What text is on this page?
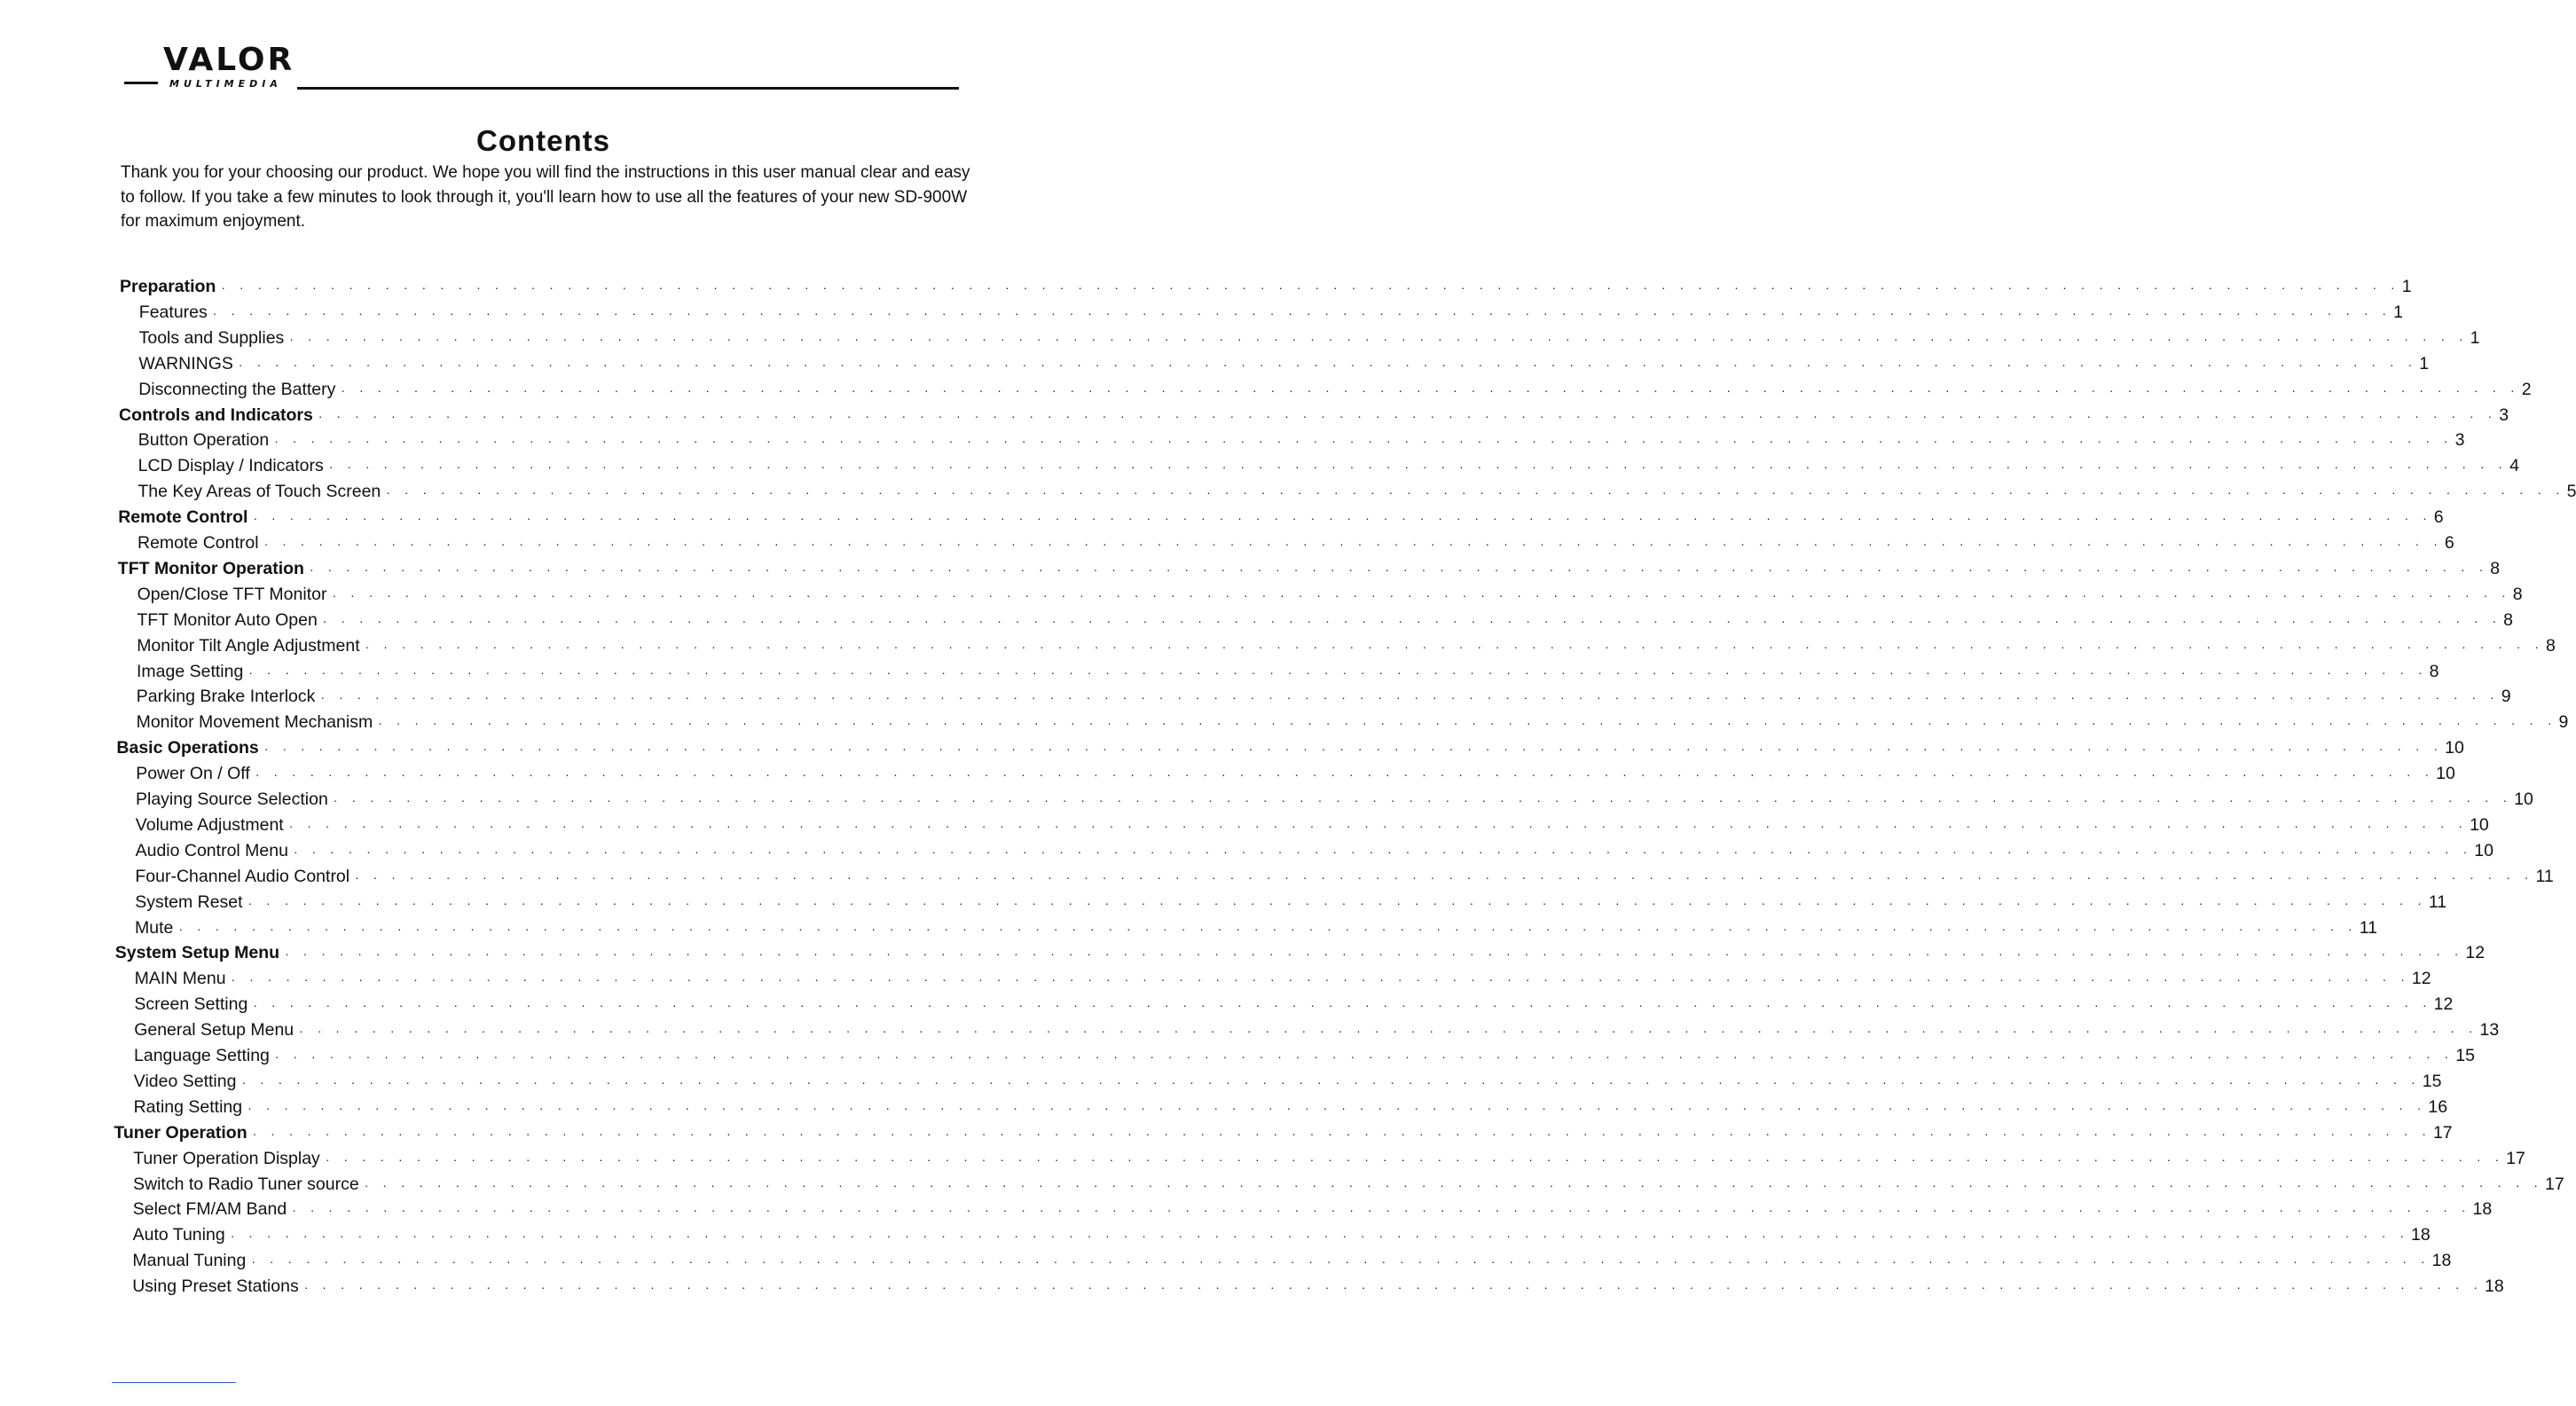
VALOR
MULTIMEDIA
Contents

Thank you for your choosing our product. We hope you will find the instructions in this user manual clear and easy to follow. If you take a few minutes to look through it, you'll learn how to use all the features of your new SD-900W for maximum enjoyment.

Preparation · · · · · · · · · · · · · · · · · · · · · · · · · · · · · · · · · · · · · · · · · · · · · · · · · · · · · · · · · · · · · · · · · · · · · · · · · · · · · · · · · · · · · · · · · · · · · · · · · · · · · · · · · · · · · · · · · · · · · · · · 1
Features · · · · · · · · · · · · · · · · · · · · · · · · · · · · · · · · · · · · · · · · · · · · · · · · · · · · · · · · · · · · · · · · · · · · · · · · · · · · · · · · · · · · · · · · · · · · · · · · · · · · · · · · · · · · · · · · · · · · · · · · 1
Tools and Supplies · · · · · · · · · · · · · · · · · · · · · · · · · · · · · · · · · · · · · · · · · · · · · · · · · · · · · · · · · · · · · · · · · · · · · · · · · · · · · · · · · · · · · · · · · · · · · · · · · · · · · · · · · · · · · · · · · · · · · · · · 1
WARNINGS · · · · · · · · · · · · · · · · · · · · · · · · · · · · · · · · · · · · · · · · · · · · · · · · · · · · · · · · · · · · · · · · · · · · · · · · · · · · · · · · · · · · · · · · · · · · · · · · · · · · · · · · · · · · · · · · · · · · · · · · 1
Disconnecting the Battery · · · · · · · · · · · · · · · · · · · · · · · · · · · · · · · · · · · · · · · · · · · · · · · · · · · · · · · · · · · · · · · · · · · · · · · · · · · · · · · · · · · · · · · · · · · · · · · · · · · · · · · · · · · · · · · · · · · · · · · · 2
Controls and Indicators · · · · · · · · · · · · · · · · · · · · · · · · · · · · · · · · · · · · · · · · · · · · · · · · · · · · · · · · · · · · · · · · · · · · · · · · · · · · · · · · · · · · · · · · · · · · · · · · · · · · · · · · · · · · · · · · · · · · · · · · 3
Button Operation · · · · · · · · · · · · · · · · · · · · · · · · · · · · · · · · · · · · · · · · · · · · · · · · · · · · · · · · · · · · · · · · · · · · · · · · · · · · · · · · · · · · · · · · · · · · · · · · · · · · · · · · · · · · · · · · · · · · · · · · 3
LCD Display / Indicators · · · · · · · · · · · · · · · · · · · · · · · · · · · · · · · · · · · · · · · · · · · · · · · · · · · · · · · · · · · · · · · · · · · · · · · · · · · · · · · · · · · · · · · · · · · · · · · · · · · · · · · · · · · · · · · · · · · · · · · · 4
The Key Areas of Touch Screen · · · · · · · · · · · · · · · · · · · · · · · · · · · · · · · · · · · · · · · · · · · · · · · · · · · · · · · · · · · · · · · · · · · · · · · · · · · · · · · · · · · · · · · · · · · · · · · · · · · · · · · · · · · · · · · · · · · · · · · · 5
Remote Control · · · · · · · · · · · · · · · · · · · · · · · · · · · · · · · · · · · · · · · · · · · · · · · · · · · · · · · · · · · · · · · · · · · · · · · · · · · · · · · · · · · · · · · · · · · · · · · · · · · · · · · · · · · · · · · · · · · · · · · · 6
Remote Control · · · · · · · · · · · · · · · · · · · · · · · · · · · · · · · · · · · · · · · · · · · · · · · · · · · · · · · · · · · · · · · · · · · · · · · · · · · · · · · · · · · · · · · · · · · · · · · · · · · · · · · · · · · · · · · · · · · · · · · · 6
TFT Monitor Operation · · · · · · · · · · · · · · · · · · · · · · · · · · · · · · · · · · · · · · · · · · · · · · · · · · · · · · · · · · · · · · · · · · · · · · · · · · · · · · · · · · · · · · · · · · · · · · · · · · · · · · · · · · · · · · · · · · · · · · · · 8
Open/Close TFT Monitor · · · · · · · · · · · · · · · · · · · · · · · · · · · · · · · · · · · · · · · · · · · · · · · · · · · · · · · · · · · · · · · · · · · · · · · · · · · · · · · · · · · · · · · · · · · · · · · · · · · · · · · · · · · · · · · · · · · · · · · · 8
TFT Monitor Auto Open · · · · · · · · · · · · · · · · · · · · · · · · · · · · · · · · · · · · · · · · · · · · · · · · · · · · · · · · · · · · · · · · · · · · · · · · · · · · · · · · · · · · · · · · · · · · · · · · · · · · · · · · · · · · · · · · · · · · · · · · 8
Monitor Tilt Angle Adjustment · · · · · · · · · · · · · · · · · · · · · · · · · · · · · · · · · · · · · · · · · · · · · · · · · · · · · · · · · · · · · · · · · · · · · · · · · · · · · · · · · · · · · · · · · · · · · · · · · · · · · · · · · · · · · · · · · · · · · · · · 8
Image Setting · · · · · · · · · · · · · · · · · · · · · · · · · · · · · · · · · · · · · · · · · · · · · · · · · · · · · · · · · · · · · · · · · · · · · · · · · · · · · · · · · · · · · · · · · · · · · · · · · · · · · · · · · · · · · · · · · · · · · · · · 8
Parking Brake Interlock · · · · · · · · · · · · · · · · · · · · · · · · · · · · · · · · · · · · · · · · · · · · · · · · · · · · · · · · · · · · · · · · · · · · · · · · · · · · · · · · · · · · · · · · · · · · · · · · · · · · · · · · · · · · · · · · · · · · · · · · 9
Monitor Movement Mechanism · · · · · · · · · · · · · · · · · · · · · · · · · · · · · · · · · · · · · · · · · · · · · · · · · · · · · · · · · · · · · · · · · · · · · · · · · · · · · · · · · · · · · · · · · · · · · · · · · · · · · · · · · · · · · · · · · · · · · · · · 9
Basic Operations · · · · · · · · · · · · · · · · · · · · · · · · · · · · · · · · · · · · · · · · · · · · · · · · · · · · · · · · · · · · · · · · · · · · · · · · · · · · · · · · · · · · · · · · · · · · · · · · · · · · · · · · · · · · · · · · · · · · · · · · 10
Power On / Off · · · · · · · · · · · · · · · · · · · · · · · · · · · · · · · · · · · · · · · · · · · · · · · · · · · · · · · · · · · · · · · · · · · · · · · · · · · · · · · · · · · · · · · · · · · · · · · · · · · · · · · · · · · · · · · · · · · · · · · · 10
Playing Source Selection · · · · · · · · · · · · · · · · · · · · · · · · · · · · · · · · · · · · · · · · · · · · · · · · · · · · · · · · · · · · · · · · · · · · · · · · · · · · · · · · · · · · · · · · · · · · · · · · · · · · · · · · · · · · · · · · · · · · · · · · 10
Volume Adjustment · · · · · · · · · · · · · · · · · · · · · · · · · · · · · · · · · · · · · · · · · · · · · · · · · · · · · · · · · · · · · · · · · · · · · · · · · · · · · · · · · · · · · · · · · · · · · · · · · · · · · · · · · · · · · · · · · · · · · · · · 10
Audio Control Menu · · · · · · · · · · · · · · · · · · · · · · · · · · · · · · · · · · · · · · · · · · · · · · · · · · · · · · · · · · · · · · · · · · · · · · · · · · · · · · · · · · · · · · · · · · · · · · · · · · · · · · · · · · · · · · · · · · · · · · · · 10
Four-Channel Audio Control · · · · · · · · · · · · · · · · · · · · · · · · · · · · · · · · · · · · · · · · · · · · · · · · · · · · · · · · · · · · · · · · · · · · · · · · · · · · · · · · · · · · · · · · · · · · · · · · · · · · · · · · · · · · · · · · · · · · · · · · 11
System Reset · · · · · · · · · · · · · · · · · · · · · · · · · · · · · · · · · · · · · · · · · · · · · · · · · · · · · · · · · · · · · · · · · · · · · · · · · · · · · · · · · · · · · · · · · · · · · · · · · · · · · · · · · · · · · · · · · · · · · · · · 11
Mute · · · · · · · · · · · · · · · · · · · · · · · · · · · · · · · · · · · · · · · · · · · · · · · · · · · · · · · · · · · · · · · · · · · · · · · · · · · · · · · · · · · · · · · · · · · · · · · · · · · · · · · · · · · · · · · · · · · · · · · · 11
System Setup Menu · · · · · · · · · · · · · · · · · · · · · · · · · · · · · · · · · · · · · · · · · · · · · · · · · · · · · · · · · · · · · · · · · · · · · · · · · · · · · · · · · · · · · · · · · · · · · · · · · · · · · · · · · · · · · · · · · · · · · · · · 12
MAIN Menu · · · · · · · · · · · · · · · · · · · · · · · · · · · · · · · · · · · · · · · · · · · · · · · · · · · · · · · · · · · · · · · · · · · · · · · · · · · · · · · · · · · · · · · · · · · · · · · · · · · · · · · · · · · · · · · · · · · · · · · · 12
Screen Setting · · · · · · · · · · · · · · · · · · · · · · · · · · · · · · · · · · · · · · · · · · · · · · · · · · · · · · · · · · · · · · · · · · · · · · · · · · · · · · · · · · · · · · · · · · · · · · · · · · · · · · · · · · · · · · · · · · · · · · · · 12
General Setup Menu · · · · · · · · · · · · · · · · · · · · · · · · · · · · · · · · · · · · · · · · · · · · · · · · · · · · · · · · · · · · · · · · · · · · · · · · · · · · · · · · · · · · · · · · · · · · · · · · · · · · · · · · · · · · · · · · · · · · · · · · 13
Language Setting · · · · · · · · · · · · · · · · · · · · · · · · · · · · · · · · · · · · · · · · · · · · · · · · · · · · · · · · · · · · · · · · · · · · · · · · · · · · · · · · · · · · · · · · · · · · · · · · · · · · · · · · · · · · · · · · · · · · · · · · 15
Video Setting · · · · · · · · · · · · · · · · · · · · · · · · · · · · · · · · · · · · · · · · · · · · · · · · · · · · · · · · · · · · · · · · · · · · · · · · · · · · · · · · · · · · · · · · · · · · · · · · · · · · · · · · · · · · · · · · · · · · · · · · 15
Rating Setting · · · · · · · · · · · · · · · · · · · · · · · · · · · · · · · · · · · · · · · · · · · · · · · · · · · · · · · · · · · · · · · · · · · · · · · · · · · · · · · · · · · · · · · · · · · · · · · · · · · · · · · · · · · · · · · · · · · · · · · · 16
Tuner Operation · · · · · · · · · · · · · · · · · · · · · · · · · · · · · · · · · · · · · · · · · · · · · · · · · · · · · · · · · · · · · · · · · · · · · · · · · · · · · · · · · · · · · · · · · · · · · · · · · · · · · · · · · · · · · · · · · · · · · · · · 17
Tuner Operation Display · · · · · · · · · · · · · · · · · · · · · · · · · · · · · · · · · · · · · · · · · · · · · · · · · · · · · · · · · · · · · · · · · · · · · · · · · · · · · · · · · · · · · · · · · · · · · · · · · · · · · · · · · · · · · · · · · · · · · · · · 17
Switch to Radio Tuner source · · · · · · · · · · · · · · · · · · · · · · · · · · · · · · · · · · · · · · · · · · · · · · · · · · · · · · · · · · · · · · · · · · · · · · · · · · · · · · · · · · · · · · · · · · · · · · · · · · · · · · · · · · · · · · · · · · · · · · · · 17
Select FM/AM Band · · · · · · · · · · · · · · · · · · · · · · · · · · · · · · · · · · · · · · · · · · · · · · · · · · · · · · · · · · · · · · · · · · · · · · · · · · · · · · · · · · · · · · · · · · · · · · · · · · · · · · · · · · · · · · · · · · · · · · · · 18
Auto Tuning · · · · · · · · · · · · · · · · · · · · · · · · · · · · · · · · · · · · · · · · · · · · · · · · · · · · · · · · · · · · · · · · · · · · · · · · · · · · · · · · · · · · · · · · · · · · · · · · · · · · · · · · · · · · · · · · · · · · · · · · 18
Manual Tuning · · · · · · · · · · · · · · · · · · · · · · · · · · · · · · · · · · · · · · · · · · · · · · · · · · · · · · · · · · · · · · · · · · · · · · · · · · · · · · · · · · · · · · · · · · · · · · · · · · · · · · · · · · · · · · · · · · · · · · · · 18
Using Preset Stations · · · · · · · · · · · · · · · · · · · · · · · · · · · · · · · · · · · · · · · · · · · · · · · · · · · · · · · · · · · · · · · · · · · · · · · · · · · · · · · · · · · · · · · · · · · · · · · · · · · · · · · · · · · · · · · · · · · · · · · · 18
